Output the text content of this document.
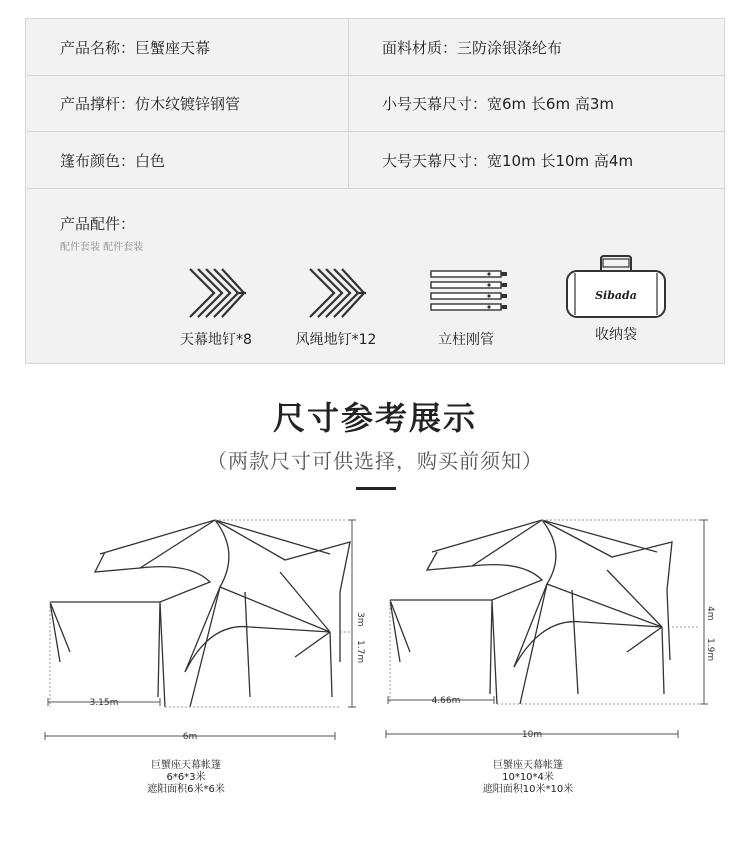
产品名称：巨蟹座天幕	面料材质：三防涂银涤纶布
产品撑杆：仿木纹镀锌钢管	小号天幕尺寸：宽6m 长6m 高3m
篷布颜色：白色	大号天幕尺寸：宽10m 长10m 高4m
产品配件：
配件套装 配件套装
天幕地钉*8	风绳地钉*12	立柱刚管
Sibada
收纳袋
尺寸参考展示
（两款尺寸可供选择，购买前须知）
3m
1.7m
3.15m
6m
巨蟹座天幕帐篷
6*6*3米
遮阳面积6米*6米
4m
1.9m
4.66m
10m
巨蟹座天幕帐篷
10*10*4米
遮阳面积10米*10米
